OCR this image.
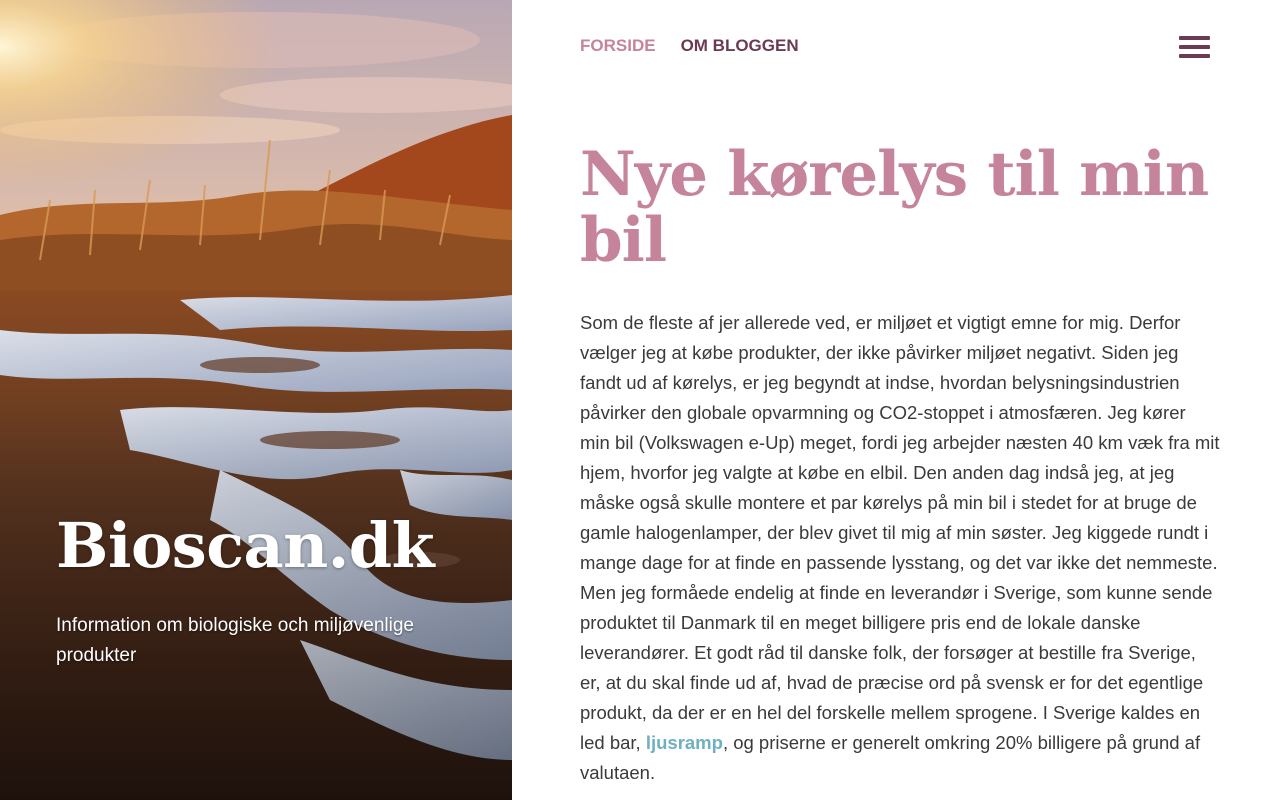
Bioscan.dk

Information om biologiske och miljøvenlige produkter

FORSIDE OM BLOGGEN
Nye kørelys til min bil

Som de fleste af jer allerede ved, er miljøet et vigtigt emne for mig. Derfor vælger jeg at købe produkter, der ikke påvirker miljøet negativt. Siden jeg fandt ud af kørelys, er jeg begyndt at indse, hvordan belysningsindustrien påvirker den globale opvarmning og CO2-stoppet i atmosfæren. Jeg kører min bil (Volkswagen e-Up) meget, fordi jeg arbejder næsten 40 km væk fra mit hjem, hvorfor jeg valgte at købe en elbil. Den anden dag indså jeg, at jeg måske også skulle montere et par kørelys på min bil i stedet for at bruge de gamle halogenlamper, der blev givet til mig af min søster. Jeg kiggede rundt i mange dage for at finde en passende lysstang, og det var ikke det nemmeste. Men jeg formåede endelig at finde en leverandør i Sverige, som kunne sende produktet til Danmark til en meget billigere pris end de lokale danske leverandører. Et godt råd til danske folk, der forsøger at bestille fra Sverige, er, at du skal finde ud af, hvad de præcise ord på svensk er for det egentlige produkt, da der er en hel del forskelle mellem sprogene. I Sverige kaldes en led bar, ljusramp, og priserne er generelt omkring 20% billigere på grund af valutaen.
